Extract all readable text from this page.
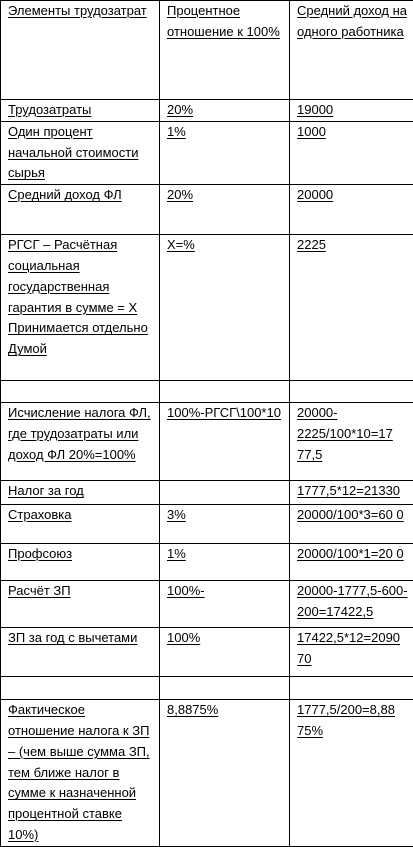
Элементы трудозатрат	Процентное отношение к 100%	Средний доход на одного работника
Трудозатраты	20%	19000
Один процент начальной стоимости сырья	1%	1000
Средний доход ФЛ	20%	20000
РГСГ – Расчётная социальная государственная гарантия в сумме = Х Принимается отдельно Думой	Х=%	2225

Исчисление налога ФЛ, где трудозатраты или доход ФЛ 20%=100%	100%-РГСГ\100*10	20000-2225/100*10=17 77,5
Налог за год		1777,5*12=21330
Страховка	3%	20000/100*3=60 0
Профсоюз	1%	20000/100*1=20 0
Расчёт ЗП	100%-	20000-1777,5-600-200=17422,5
ЗП за год с вычетами	100%	17422,5*12=2090 70

Фактическое отношение налога к ЗП – (чем выше сумма ЗП, тем ближе налог в сумме к назначенной процентной ставке 10%)	8,8875%	1777,5/200=8,88 75%
